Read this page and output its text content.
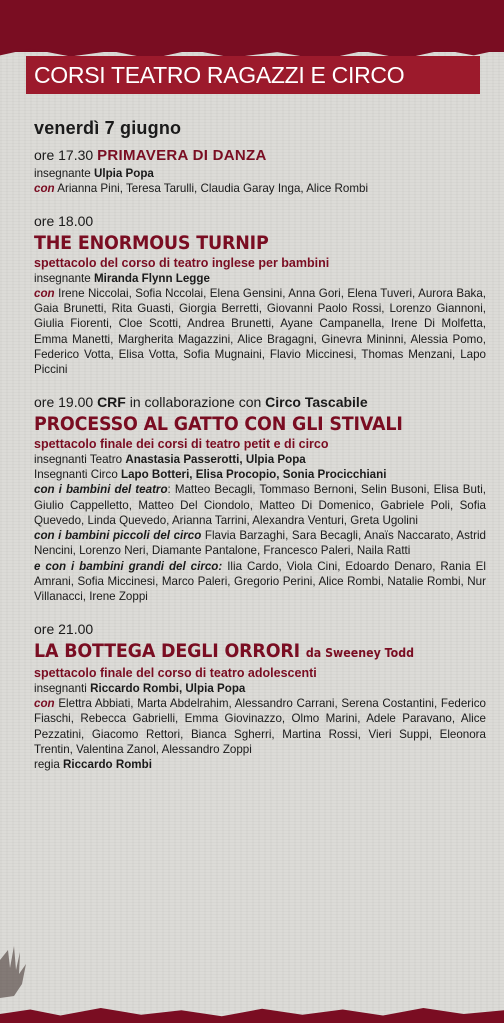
CORSI TEATRO RAGAZZI E CIRCO
venerdì 7 giugno
ore 17.30 PRIMAVERA DI DANZA
insegnante Ulpia Popa
con Arianna Pini, Teresa Tarulli, Claudia Garay Inga, Alice Rombi
ore 18.00
THE ENORMOUS TURNIP
spettacolo del corso di teatro inglese per bambini
insegnante Miranda Flynn Legge
con Irene Niccolai, Sofia Nccolai, Elena Gensini, Anna Gori, Elena Tuveri, Aurora Baka, Gaia Brunetti, Rita Guasti, Giorgia Berretti, Giovanni Paolo Rossi, Lorenzo Giannoni, Giulia Fiorenti, Cloe Scotti, Andrea Brunetti, Ayane Campanella, Irene Di Molfetta, Emma Manetti, Margherita Magazzini, Alice Bragagni, Ginevra Mininni, Alessia Pomo, Federico Votta, Elisa Votta, Sofia Mugnaini, Flavio Miccinesi, Thomas Menzani, Lapo Piccini
ore 19.00 CRF in collaborazione con Circo Tascabile
PROCESSO AL GATTO CON GLI STIVALI
spettacolo finale dei corsi di teatro petit e di circo
insegnanti Teatro Anastasia Passerotti, Ulpia Popa
Insegnanti Circo Lapo Botteri, Elisa Procopio, Sonia Procicchiani
con i bambini del teatro: Matteo Becagli, Tommaso Bernoni, Selin Busoni, Elisa Buti, Giulio Cappelletto, Matteo Del Ciondolo, Matteo Di Domenico, Gabriele Poli, Sofia Quevedo, Linda Quevedo, Arianna Tarrini, Alexandra Venturi, Greta Ugolini
con i bambini piccoli del circo Flavia Barzaghi, Sara Becagli, Anaïs Naccarato, Astrid Nencini, Lorenzo Neri, Diamante Pantalone, Francesco Paleri, Naila Ratti
e con i bambini grandi del circo: Ilia Cardo, Viola Cini, Edoardo Denaro, Rania El Amrani, Sofia Miccinesi, Marco Paleri, Gregorio Perini, Alice Rombi, Natalie Rombi, Nur Villanacci, Irene Zoppi
ore 21.00
LA BOTTEGA DEGLI ORRORI da Sweeney Todd
spettacolo finale del corso di teatro adolescenti
insegnanti Riccardo Rombi, Ulpia Popa
con Elettra Abbiati, Marta Abdelrahim, Alessandro Carrani, Serena Costantini, Federico Fiaschi, Rebecca Gabrielli, Emma Giovinazzo, Olmo Marini, Adele Paravano, Alice Pezzatini, Giacomo Rettori, Bianca Sgherri, Martina Rossi, Vieri Suppi, Eleonora Trentin, Valentina Zanol, Alessandro Zoppi
regia Riccardo Rombi
